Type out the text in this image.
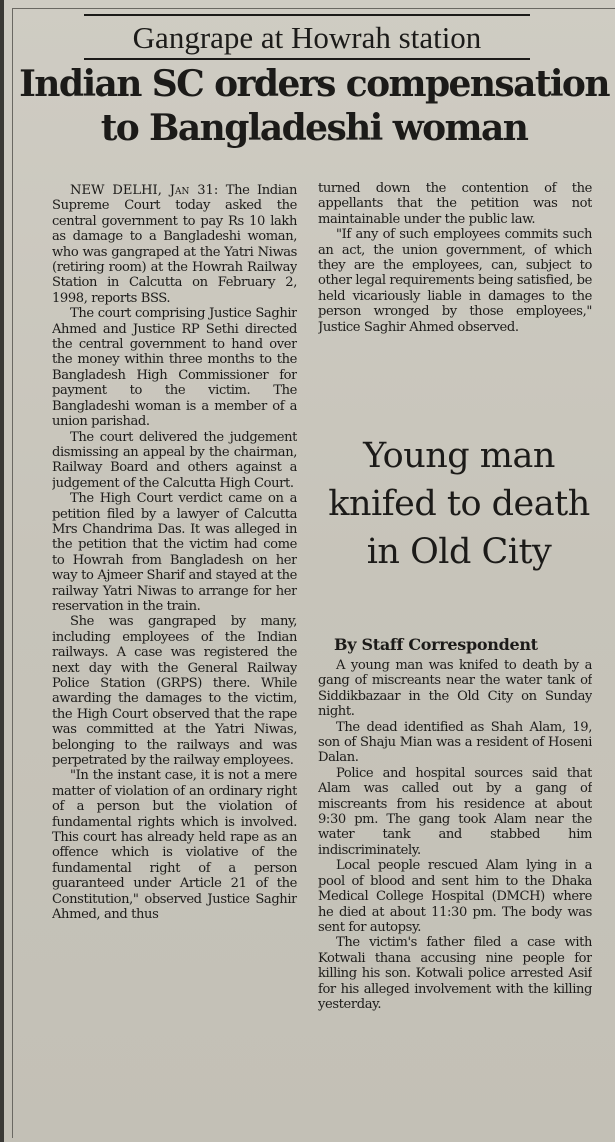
Gangrape at Howrah station
Indian SC orders compensation
to Bangladeshi woman

NEW DELHI, Jan 31: The Indian Supreme Court today asked the central government to pay Rs 10 lakh as damage to a Bangladeshi woman, who was gangraped at the Yatri Niwas (retiring room) at the Howrah Railway Station in Calcutta on February 2, 1998, reports BSS.

The court comprising Justice Saghir Ahmed and Justice RP Sethi directed the central government to hand over the money within three months to the Bangladesh High Commissioner for payment to the victim. The Bangladeshi woman is a member of a union parishad.

The court delivered the judgement dismissing an appeal by the chairman, Railway Board and others against a judgement of the Calcutta High Court.

The High Court verdict came on a petition filed by a lawyer of Calcutta Mrs Chandrima Das. It was alleged in the petition that the victim had come to Howrah from Bangladesh on her way to Ajmeer Sharif and stayed at the railway Yatri Niwas to arrange for her reservation in the train.

She was gangraped by many, including employees of the Indian railways. A case was registered the next day with the General Railway Police Station (GRPS) there. While awarding the damages to the victim, the High Court observed that the rape was committed at the Yatri Niwas, belonging to the railways and was perpetrated by the railway employees.

"In the instant case, it is not a mere matter of violation of an ordinary right of a person but the violation of fundamental rights which is involved. This court has already held rape as an offence which is violative of the fundamental right of a person guaranteed under Article 21 of the Constitution," observed Justice Saghir Ahmed, and thus

turned down the contention of the appellants that the petition was not maintainable under the public law.

"If any of such employees commits such an act, the union government, of which they are the employees, can, subject to other legal requirements being satisfied, be held vicariously liable in damages to the person wronged by those employees," Justice Saghir Ahmed observed.

Young man knifed to death in Old City
By Staff Correspondent

A young man was knifed to death by a gang of miscreants near the water tank of Siddikbazaar in the Old City on Sunday night.

The dead identified as Shah Alam, 19, son of Shaju Mian was a resident of Hoseni Dalan.

Police and hospital sources said that Alam was called out by a gang of miscreants from his residence at about 9:30 pm. The gang took Alam near the water tank and stabbed him indiscriminately.

Local people rescued Alam lying in a pool of blood and sent him to the Dhaka Medical College Hospital (DMCH) where he died at about 11:30 pm. The body was sent for autopsy.

The victim's father filed a case with Kotwali thana accusing nine people for killing his son. Kotwali police arrested Asif for his alleged involvement with the killing yesterday.
